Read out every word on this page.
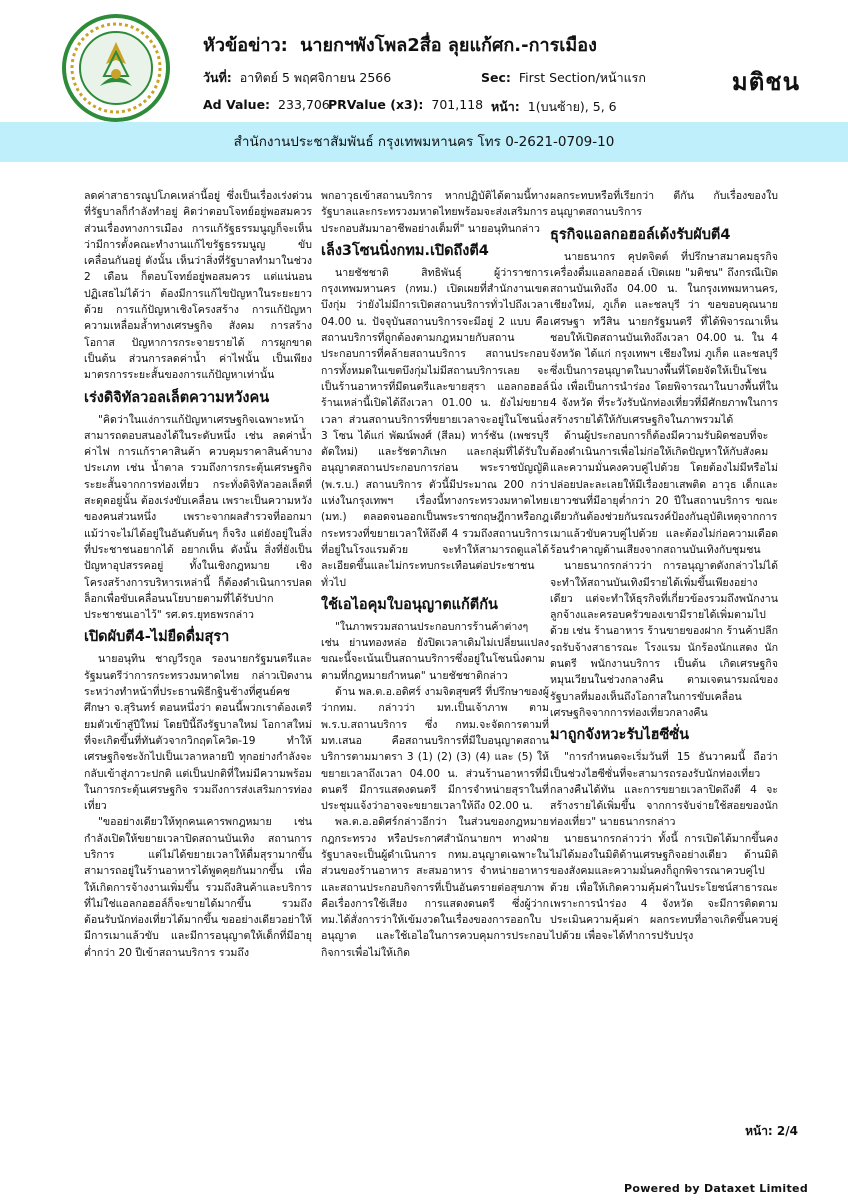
หัวข้อข่าว: นายกฯพังโพล2สื่อ ลุยแก้ศก.-การเมือง
วันที่: อาทิตย์ 5 พฤศจิกายน 2566	Sec: First Section/หน้าแรก
Ad Value: 233,706
PRValue (x3): 701,118 หน้า: 1(บนซ้าย), 5, 6
มติชน
สำนักงานประชาสัมพันธ์ กรุงเทพมหานคร โทร 0-2621-0709-10

ลดค่าสาธารณูปโภคเหล่านี้อยู่ ซึ่งเป็นเรื่องเร่งด่วนที่รัฐบาลก็กำลังทำอยู่ คิดว่าตอบโจทย์อยู่พอสมควร ส่วนเรื่องทางการเมือง การแก้รัฐธรรมนูญก็จะเห็นว่ามีการตั้งคณะทำงานแก้ไขรัฐธรรมนูญ ขับเคลื่อนกันอยู่ ดังนั้น เห็นว่าสิ่งที่รัฐบาลทำมาในช่วง 2 เดือน ก็ตอบโจทย์อยู่พอสมควร แต่แน่นอนปฏิเสธไม่ได้ว่า ต้องมีการแก้ไขปัญหาในระยะยาวด้วย การแก้ปัญหาเชิงโครงสร้าง การแก้ปัญหาความเหลื่อมล้ำทางเศรษฐกิจ สังคม การสร้างโอกาส ปัญหาการกระจายรายได้ การผูกขาด เป็นต้น ส่วนการลดค่าน้ำ ค่าไฟนั้น เป็นเพียงมาตรการระยะสั้นของการแก้ปัญหาเท่านั้น

เร่งดิจิทัลวอลเล็ตความหวังคน

"คิดว่าในแง่การแก้ปัญหาเศรษฐกิจเฉพาะหน้า สามารถตอบสนองได้ในระดับหนึ่ง เช่น ลดค่าน้ำ ค่าไฟ การแก้ราคาสินค้า ควบคุมราคาสินค้าบางประเภท เช่น น้ำตาล รวมถึงการกระตุ้นเศรษฐกิจระยะสั้นจากการท่องเที่ยว กระทั่งดิจิทัลวอลเล็ตที่สะดุดอยู่นั้น ต้องเร่งขับเคลื่อน เพราะเป็นความหวังของคนส่วนหนึ่ง เพราะจากผลสำรวจที่ออกมา แม้ว่าจะไม่ได้อยู่ในอันดับต้นๆ ก็จริง แต่ยังอยู่ในสิ่งที่ประชาชนอยากได้ อยากเห็น ดังนั้น สิ่งที่ยังเป็นปัญหาอุปสรรคอยู่ ทั้งในเชิงกฎหมาย เชิงโครงสร้างการบริหารเหล่านี้ ก็ต้องดำเนินการปลดล็อกเพื่อขับเคลื่อนนโยบายตามที่ได้รับปากประชาชนเอาไว้" รศ.ดร.ยุทธพรกล่าว

เปิดผับตี4-ไม่ยืดดื่มสุรา

นายอนุทิน ชาญวีรกูล รองนายกรัฐมนตรีและรัฐมนตรีว่าการกระทรวงมหาดไทย กล่าวเปิดงานระหว่างทำหน้าที่ประธานพิธีกฐินช้างที่ศูนย์คชศึกษา จ.สุรินทร์ ตอนหนึ่งว่า ตอนนี้พวกเราต้องเตรียมตัวเข้าสู่ปีใหม่ โดยปีนี้ถึงรัฐบาลใหม่ โอกาสใหม่ที่จะเกิดขึ้นที่ทันตัวจากวิกฤตโควิด-19 ทำให้เศรษฐกิจชะงักไปเป็นเวลาหลายปี ทุกอย่างกำลังจะกลับเข้าสู่ภาวะปกติ แต่เป็นปกติที่ใหม่มีความพร้อมในการกระตุ้นเศรษฐกิจ รวมถึงการส่งเสริมการท่องเที่ยว

"ขออย่างเดียวให้ทุกคนเคารพกฎหมาย เช่น กำลังเปิดให้ขยายเวลาปิดสถานบันเทิง สถานการบริการ แต่ไม่ได้ขยายเวลาให้ดื่มสุรามากขึ้น สามารถอยู่ในร้านอาหารได้พูดคุยกันมากขึ้น เพื่อให้เกิดการจ้างงานเพิ่มขึ้น รวมถึงสินค้าและบริการที่ไม่ใช่แอลกอฮอล์ก็จะขายได้มากขึ้น รวมถึงต้อนรับนักท่องเที่ยวได้มากขึ้น ขออย่างเดียวอย่าให้มีการเมาแล้วขับ และมีการอนุญาตให้เด็กที่มีอายุต่ำกว่า 20 ปีเข้าสถานบริการ รวมถึง

พกอาวุธเข้าสถานบริการ หากปฏิบัติได้ตามนี้ทางรัฐบาลและกระทรวงมหาดไทยพร้อมจะส่งเสริมการประกอบสัมมาอาชีพอย่างเต็มที่" นายอนุทินกล่าว

เล็ง3โซนนิ่งกทม.เปิดถึงตี4

นายชัชชาติ สิทธิพันธุ์ ผู้ว่าราชการกรุงเทพมหานคร (กทม.) เปิดเผยที่สำนักงานเขตบึงกุ่ม ว่ายังไม่มีการเปิดสถานบริการทั่วไปถึงเวลา 04.00 น. ปัจจุบันสถานบริการจะมีอยู่ 2 แบบ คือสถานบริการที่ถูกต้องตามกฎหมายกับสถานประกอบการที่คล้ายสถานบริการ สถานประกอบการทั้งหมดในเขตบึงกุ่มไม่มีสถานบริการเลย จะเป็นร้านอาหารที่มีดนตรีและขายสุรา แอลกอฮอล์ ร้านเหล่านี้เปิดได้ถึงเวลา 01.00 น. ยังไม่ขยายเวลา ส่วนสถานบริการที่ขยายเวลาจะอยู่ในโซนนิ่ง 3 โซน ได้แก่ พัฒน์พงศ์ (สีลม) ทาร์ซัน (เพชรบุรีตัดใหม่) และรัชดาภิเษก และกลุ่มที่ได้รับใบอนุญาตสถานประกอบการก่อน พระราชบัญญัติ (พ.ร.บ.) สถานบริการ ตัวนี้มีประมาณ 200 กว่าแห่งในกรุงเทพฯ เรื่องนี้ทางกระทรวงมหาดไทย (มท.) ตลอดจนออกเป็นพระราชกฤษฎีกาหรือกฎกระทรวงที่ขยายเวลาให้ถึงตี 4 รวมถึงสถานบริการที่อยู่ในโรงแรมด้วย จะทำให้สามารถดูแลได้ละเอียดขึ้นและไม่กระทบกระเทือนต่อประชาชนทั่วไป

ใช้เอไอคุมใบอนุญาตแก้ตีกัน

"ในภาพรวมสถานประกอบการร้านค้าต่างๆ เช่น ย่านทองหล่อ ยังปิดเวลาเดิมไม่เปลี่ยนแปลง ขณะนี้จะเน้นเป็นสถานบริการซึ่งอยู่ในโซนนิ่งตามตามที่กฎหมายกำหนด" นายชัชชาติกล่าว

ด้าน พล.ต.อ.อดิศร์ งามจิตสุขศรี ที่ปรึกษาของผู้ว่ากทม. กล่าวว่า มท.เป็นเจ้าภาพ ตาม พ.ร.บ.สถานบริการ ซึ่ง กทม.จะจัดการตามที่ มท.เสนอ คือสถานบริการที่มีใบอนุญาตสถานบริการตามมาตรา 3 (1) (2) (3) (4) และ (5) ให้ขยายเวลาถึงเวลา 04.00 น. ส่วนร้านอาหารที่มีดนตรี มีการแสดงดนตรี มีการจำหน่ายสุราในที่ประชุมแจ้งว่าอาจจะขยายเวลาให้ถึง 02.00 น.

พล.ต.อ.อดิศร์กล่าวอีกว่า ในส่วนของกฎหมาย กฎกระทรวง หรือประกาศสำนักนายกฯ ทางฝ่ายรัฐบาลจะเป็นผู้ดำเนินการ กทม.อนุญาตเฉพาะในส่วนของร้านอาหาร สะสมอาหาร จำหน่ายอาหาร และสถานประกอบกิจการที่เป็นอันตรายต่อสุขภาพ คือเรื่องการใช้เสียง การแสดงดนตรี ซึ่งผู้ว่ากทม.ได้สั่งการว่าให้เข้มงวดในเรื่องของการออกใบอนุญาต และใช้เอไอในการควบคุมการประกอบกิจการเพื่อไม่ให้เกิด

ผลกระทบหรือที่เรียกว่า ตีกัน กับเรื่องของใบอนุญาตสถานบริการ

ธุรกิจแอลกอฮอล์เด้งรับผับตี4

นายธนากร คุปตจิตต์ ที่ปรึกษาสมาคมธุรกิจเครื่องดื่มแอลกอฮอล์ เปิดเผย "มติชน" ถึงกรณีเปิดสถานบันเทิงถึง 04.00 น. ในกรุงเทพมหานคร, เชียงใหม่, ภูเก็ต และชลบุรี ว่า ขอขอบคุณนายเศรษฐา ทวีสิน นายกรัฐมนตรี ที่ได้พิจารณาเห็นชอบให้เปิดสถานบันเทิงถึงเวลา 04.00 น. ใน 4 จังหวัด ได้แก่ กรุงเทพฯ เชียงใหม่ ภูเก็ต และชลบุรี ซึ่งเป็นการอนุญาตในบางพื้นที่โดยจัดให้เป็นโซนนิ่ง เพื่อเป็นการนำร่อง โดยพิจารณาในบางพื้นที่ใน 4 จังหวัด ที่ระวังรับนักท่องเที่ยวที่มีศักยภาพในการสร้างรายได้ให้กับเศรษฐกิจในภาพรวมได้

ด้านผู้ประกอบการก็ต้องมีความรับผิดชอบที่จะต้องดำเนินการเพื่อไม่ก่อให้เกิดปัญหาให้กับสังคมและความมั่นคงควบคู่ไปด้วย โดยต้องไม่มีหรือไม่ปล่อยปละละเลยให้มีเรื่องยาเสพติด อาวุธ เด็กและเยาวชนที่มีอายุต่ำกว่า 20 ปีในสถานบริการ ขณะเดียวกันต้องช่วยกันรณรงค์ป้องกันอุบัติเหตุจากการเมาแล้วขับควบคู่ไปด้วย และต้องไม่ก่อความเดือดร้อนรำคาญด้านเสียงจากสถานบันเทิงกับชุมชน

นายธนากรกล่าวว่า การอนุญาตดังกล่าวไม่ได้จะทำให้สถานบันเทิงมีรายได้เพิ่มขึ้นเพียงอย่างเดียว แต่จะทำให้ธุรกิจที่เกี่ยวข้องรวมถึงพนักงานลูกจ้างและครอบครัวของเขามีรายได้เพิ่มตามไปด้วย เช่น ร้านอาหาร ร้านขายของฝาก ร้านค้าปลีก รถรับจ้างสาธารณะ โรงแรม นักร้องนักแสดง นักดนตรี พนักงานบริการ เป็นต้น เกิดเศรษฐกิจหมุนเวียนในช่วงกลางคืน ตามเจตนารมณ์ของรัฐบาลที่มองเห็นถึงโอกาสในการขับเคลื่อนเศรษฐกิจจากการท่องเที่ยวกลางคืน

มาถูกจังหวะรับไฮซีซั่น

"การกำหนดจะเริ่มวันที่ 15 ธันวาคมนี้ ถือว่าเป็นช่วงไฮซีซั่นที่จะสามารถรองรับนักท่องเที่ยวกลางคืนได้ทัน และการขยายเวลาปิดถึงตี 4 จะสร้างรายได้เพิ่มขึ้น จากการจับจ่ายใช้สอยของนักท่องเที่ยว" นายธนากรกล่าว

นายธนากรกล่าวว่า ทั้งนี้ การเปิดได้มากขึ้นคงไม่ได้มองในมิติด้านเศรษฐกิจอย่างเดียว ด้านมิติของสังคมและความมั่นคงก็ถูกพิจารณาควบคู่ไปด้วย เพื่อให้เกิดความคุ้มค่าในประโยชน์สาธารณะ เพราะการนำร่อง 4 จังหวัด จะมีการติดตามประเมินความคุ้มค่า ผลกระทบที่อาจเกิดขึ้นควบคู่ไปด้วย เพื่อจะได้ทำการปรับปรุง

หน้า: 2/4
Powered by Dataxet Limited
